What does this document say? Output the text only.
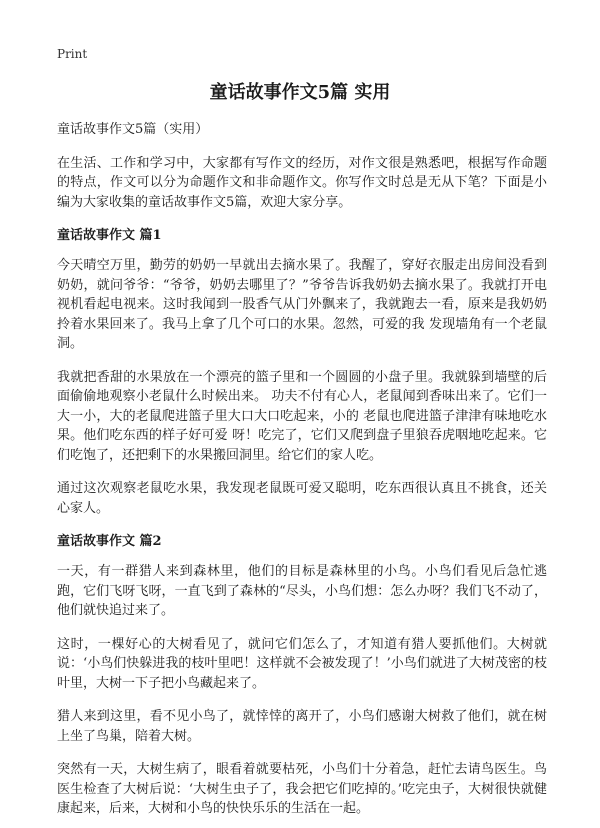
Print
童话故事作文5篇 实用

童话故事作文5篇（实用）

在生活、工作和学习中，大家都有写作文的经历，对作文很是熟悉吧，根据写作命题的特点，作文可以分为命题作文和非命题作文。你写作文时总是无从下笔？下面是小编为大家收集的童话故事作文5篇，欢迎大家分享。

童话故事作文 篇1

今天晴空万里，勤劳的奶奶一早就出去摘水果了。我醒了，穿好衣服走出房间没看到奶奶，就问爷爷：“爷爷，奶奶去哪里了？”爷爷告诉我奶奶去摘水果了。我就打开电视机看起电视来。这时我闻到一股香气从门外飘来了，我就跑去一看，原来是我奶奶拎着水果回来了。我马上拿了几个可口的水果。忽然，可爱的我 发现墙角有一个老鼠洞。

我就把香甜的水果放在一个漂亮的篮子里和一个圆圆的小盘子里。我就躲到墙壁的后面偷偷地观察小老鼠什么时候出来。 功夫不付有心人，老鼠闻到香味出来了。它们一大一小，大的老鼠爬进篮子里大口大口吃起来，小的 老鼠也爬进篮子津津有味地吃水果。他们吃东西的样子好可爱 呀！吃完了，它们又爬到盘子里狼吞虎咽地吃起来。它们吃饱了，还把剩下的水果搬回洞里。给它们的家人吃。

通过这次观察老鼠吃水果，我发现老鼠既可爱又聪明，吃东西很认真且不挑食，还关心家人。

童话故事作文 篇2

一天，有一群猎人来到森林里，他们的目标是森林里的小鸟。小鸟们看见后急忙逃跑，它们飞呀飞呀，一直飞到了森林的“尽头，小鸟们想：怎么办呀？我们飞不动了，他们就快追过来了。

这时，一棵好心的大树看见了，就问它们怎么了，才知道有猎人要抓他们。大树就说：‘小鸟们快躲进我的枝叶里吧！这样就不会被发现了！’小鸟们就进了大树茂密的枝叶里，大树一下子把小鸟藏起来了。

猎人来到这里，看不见小鸟了，就悻悻的离开了，小鸟们感谢大树救了他们，就在树上坐了鸟巢，陪着大树。

突然有一天，大树生病了，眼看着就要枯死，小鸟们十分着急，赶忙去请鸟医生。鸟医生检查了大树后说：‘大树生虫子了，我会把它们吃掉的。’吃完虫子，大树很快就健康起来，后来，大树和小鸟的快快乐乐的生活在一起。
